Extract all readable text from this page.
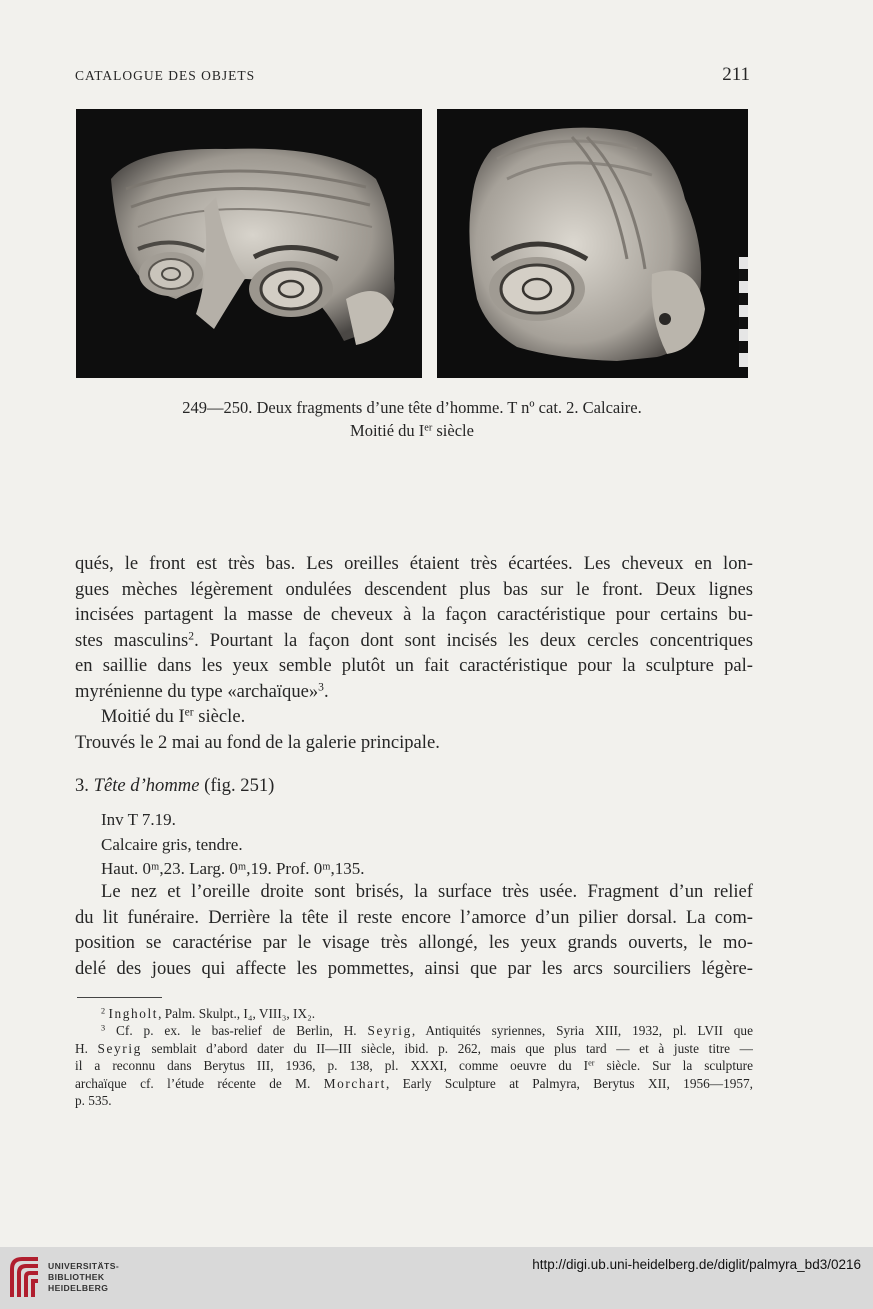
CATALOGUE DES OBJETS	211
249—250. Deux fragments d’une tête d’homme. T nº cat. 2. Calcaire.
Moitié du Ier siècle
qués, le front est très bas. Les oreilles étaient très écartées. Les cheveux en lon-
gues mèches légèrement ondulées descendent plus bas sur le front. Deux lignes
incisées partagent la masse de cheveux à la façon caractéristique pour certains bu-
stes masculins$^2$. Pourtant la façon dont sont incisés les deux cercles concentriques
en saillie dans les yeux semble plutôt un fait caractéristique pour la sculpture pal-
myrénienne du type «archaïque»$^3$.
Moitié du Ier siècle.
Trouvés le 2 mai au fond de la galerie principale.
3. Tête d’homme (fig. 251)
Inv T 7.19.
Calcaire gris, tendre.
Haut. 0ᵐ,23. Larg. 0ᵐ,19. Prof. 0ᵐ,135.
Le nez et l’oreille droite sont brisés, la surface très usée. Fragment d’un relief
du lit funéraire. Derrière la tête il reste encore l’amorce d’un pilier dorsal. La com-
position se caractérise par le visage très allongé, les yeux grands ouverts, le mo-
delé des joues qui affecte les pommettes, ainsi que par les arcs sourciliers légère-
$^2$ Ingholt, Palm. Skulpt., I₄, VIII₃, IX₂.
$^3$ Cf. p. ex. le bas-relief de Berlin, H. Seyrig, Antiquités syriennes, Syria XIII, 1932, pl. LVII que
H. Seyrig semblait d’abord dater du II—III siècle, ibid. p. 262, mais que plus tard — et à juste titre —
il a reconnu dans Berytus III, 1936, p. 138, pl. XXXI, comme oeuvre du Ier siècle. Sur la sculpture
archaïque cf. l’étude récente de M. Morchart, Early Sculpture at Palmyra, Berytus XII, 1956—1957,
p. 535.
UNIVERSITÄTS-
BIBLIOTHEK
HEIDELBERG
http://digi.ub.uni-heidelberg.de/diglit/palmyra_bd3/0216
